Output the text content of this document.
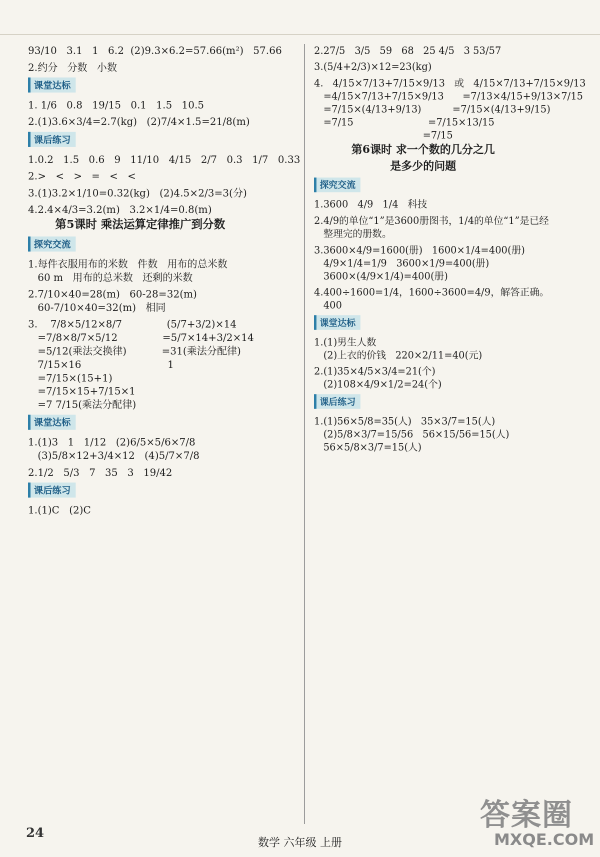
93/10   3.1   1   6.2  (2)9.3×6.2=57.66(m²)   57.66
2.约分   分数   小数
课堂达标
1. 1/6   0.8   19/15   0.1   1.5   10.5
2.(1)3.6×3/4=2.7(kg)   (2)7/4×1.5=21/8(m)
课后练习
1.0.2   1.5   0.6   9   11/10   4/15   2/7   0.3   1/7   0.33
2.>   <   >   =   <   <
3.(1)3.2×1/10=0.32(kg)   (2)4.5×2/3=3(分)
4.2.4×4/3=3.2(m)   3.2×1/4=0.8(m)
第5课时 乘法运算定律推广到分数
探究交流
1.每件衣服用布的米数   件数   用布的总米数
60 m   用布的总米数   还剩的米数
2.7/10×40=28(m)   60-28=32(m)
60-7/10×40=32(m)   相同
3.    7/8×5/12×8/7              (5/7+3/2)×14
=7/8×8/7×5/12              =5/7×14+3/2×14
=5/12(乘法交换律)           =31(乘法分配律)
7/15×16                           1
=7/15×(15+1)
=7/15×15+7/15×1
=7 7/15(乘法分配律)
课堂达标
1.(1)3   1   1/12   (2)6/5×5/6×7/8
(3)5/8×12+3/4×12   (4)5/7×7/8
2.1/2   5/3   7   35   3   19/42
课后练习
1.(1)C   (2)C
2.27/5   3/5   59   68   25 4/5   3 53/57
3.(5/4+2/3)×12=23(kg)
4.   4/15×7/13+7/15×9/13   或   4/15×7/13+7/15×9/13
=4/15×7/13+7/15×9/13      =7/13×4/15+9/13×7/15
=7/15×(4/13+9/13)          =7/15×(4/13+9/15)
=7/15                        =7/15×13/15
=7/15
第6课时 求一个数的几分之几
是多少的问题
探究交流
1.3600   4/9   1/4   科技
2.4/9的单位“1”是3600册图书，1/4的单位“1”是已经
整理完的册数。
3.3600×4/9=1600(册)   1600×1/4=400(册)
4/9×1/4=1/9   3600×1/9=400(册)
3600×(4/9×1/4)=400(册)
4.400÷1600=1/4，1600÷3600=4/9，解答正确。
400
课堂达标
1.(1)男生人数
(2)上衣的价钱   220×2/11=40(元)
2.(1)35×4/5×3/4=21(个)
(2)108×4/9×1/2=24(个)
课后练习
1.(1)56×5/8=35(人)   35×3/7=15(人)
(2)5/8×3/7=15/56   56×15/56=15(人)
56×5/8×3/7=15(人)
24
数学 六年级 上册
答案圈
MXQE.COM
